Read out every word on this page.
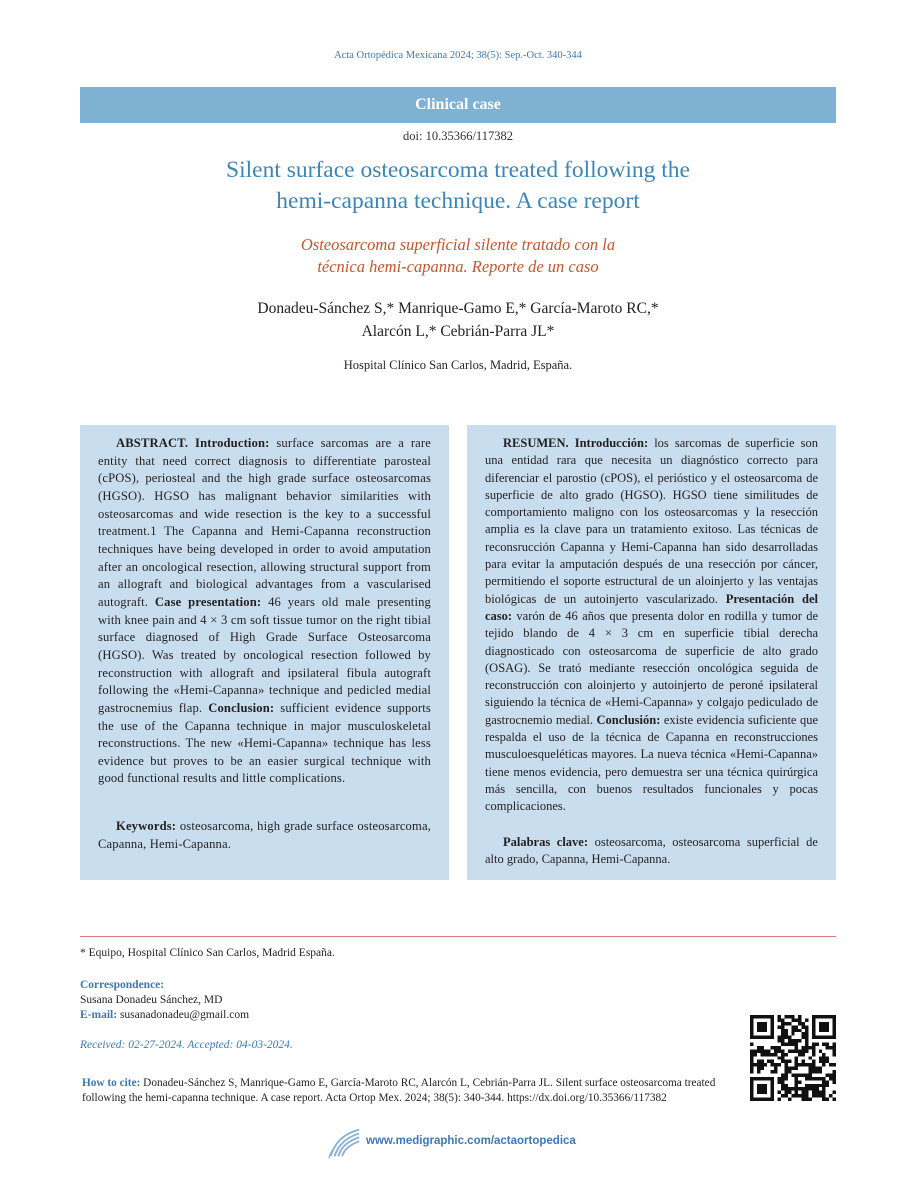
Acta Ortopédica Mexicana 2024; 38(5): Sep.-Oct. 340-344
Clinical case
doi: 10.35366/117382
Silent surface osteosarcoma treated following the
hemi-capanna technique. A case report
Osteosarcoma superficial silente tratado con la
técnica hemi-capanna. Reporte de un caso
Donadeu-Sánchez S,* Manrique-Gamo E,* García-Maroto RC,*
Alarcón L,* Cebrián-Parra JL*
Hospital Clínico San Carlos, Madrid, España.

ABSTRACT. Introduction: surface sarcomas are a rare entity that need correct diagnosis to differentiate parosteal (cPOS), periosteal and the high grade surface osteosarcomas (HGSO). HGSO has malignant behavior similarities with osteosarcomas and wide resection is the key to a successful treatment.1 The Capanna and Hemi-Capanna reconstruction techniques have being developed in order to avoid amputation after an oncological resection, allowing structural support from an allograft and biological advantages from a vascularised autograft. Case presentation: 46 years old male presenting with knee pain and 4 × 3 cm soft tissue tumor on the right tibial surface diagnosed of High Grade Surface Osteosarcoma (HGSO). Was treated by oncological resection followed by reconstruction with allograft and ipsilateral fibula autograft following the «Hemi-Capanna» technique and pedicled medial gastrocnemius flap. Conclusion: sufficient evidence supports the use of the Capanna technique in major musculoskeletal reconstructions. The new «Hemi-Capanna» technique has less evidence but proves to be an easier surgical technique with good functional results and little complications.

Keywords: osteosarcoma, high grade surface osteosarcoma, Capanna, Hemi-Capanna.

RESUMEN. Introducción: los sarcomas de superficie son una entidad rara que necesita un diagnóstico correcto para diferenciar el parostio (cPOS), el perióstico y el osteosarcoma de superficie de alto grado (HGSO). HGSO tiene similitudes de comportamiento maligno con los osteosarcomas y la resección amplia es la clave para un tratamiento exitoso. Las técnicas de reconsrucción Capanna y Hemi-Capanna han sido desarrolladas para evitar la amputación después de una resección por cáncer, permitiendo el soporte estructural de un aloinjerto y las ventajas biológicas de un autoinjerto vascularizado. Presentación del caso: varón de 46 años que presenta dolor en rodilla y tumor de tejido blando de 4 × 3 cm en superficie tibial derecha diagnosticado con osteosarcoma de superficie de alto grado (OSAG). Se trató mediante resección oncológica seguida de reconstrucción con aloinjerto y autoinjerto de peroné ipsilateral siguiendo la técnica de «Hemi-Capanna» y colgajo pediculado de gastrocnemio medial. Conclusión: existe evidencia suficiente que respalda el uso de la técnica de Capanna en reconstrucciones musculoesqueléticas mayores. La nueva técnica «Hemi-Capanna» tiene menos evidencia, pero demuestra ser una técnica quirúrgica más sencilla, con buenos resultados funcionales y pocas complicaciones.

Palabras clave: osteosarcoma, osteosarcoma superficial de alto grado, Capanna, Hemi-Capanna.

* Equipo, Hospital Clínico San Carlos, Madrid España.
Correspondence:
Susana Donadeu Sánchez, MD
E-mail: susanadonadeu@gmail.com
Received: 02-27-2024. Accepted: 04-03-2024.
How to cite: Donadeu-Sánchez S, Manrique-Gamo E, García-Maroto RC, Alarcón L, Cebrián-Parra JL. Silent surface osteosarcoma treated following the hemi-capanna technique. A case report. Acta Ortop Mex. 2024; 38(5): 340-344. https://dx.doi.org/10.35366/117382
www.medigraphic.com/actaortopedica
